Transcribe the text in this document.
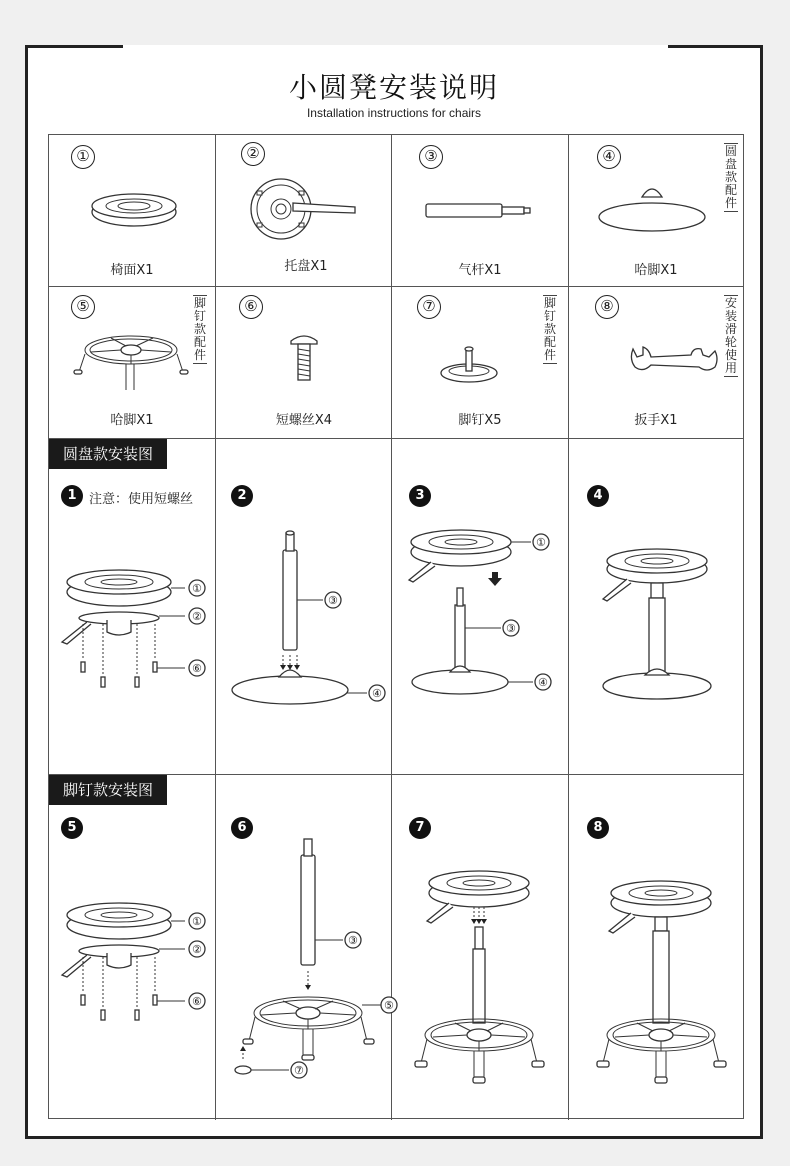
小圆凳安装说明
Installation instructions for chairs
①
椅面X1
②
托盘X1
③
气杆X1
④
哈脚X1
圆盘款配件
⑤
哈脚X1
脚钉款配件
⑥
短螺丝X4
⑦
脚钉X5
脚钉款配件
⑧
扳手X1
安装滑轮使用
圆盘款安装图
1 注意：使用短螺丝
①
②
⑥
2
③
④
3
①
③
④
4
脚钉款安装图
5
①
②
⑥
6
③
⑤
⑦
7	8
